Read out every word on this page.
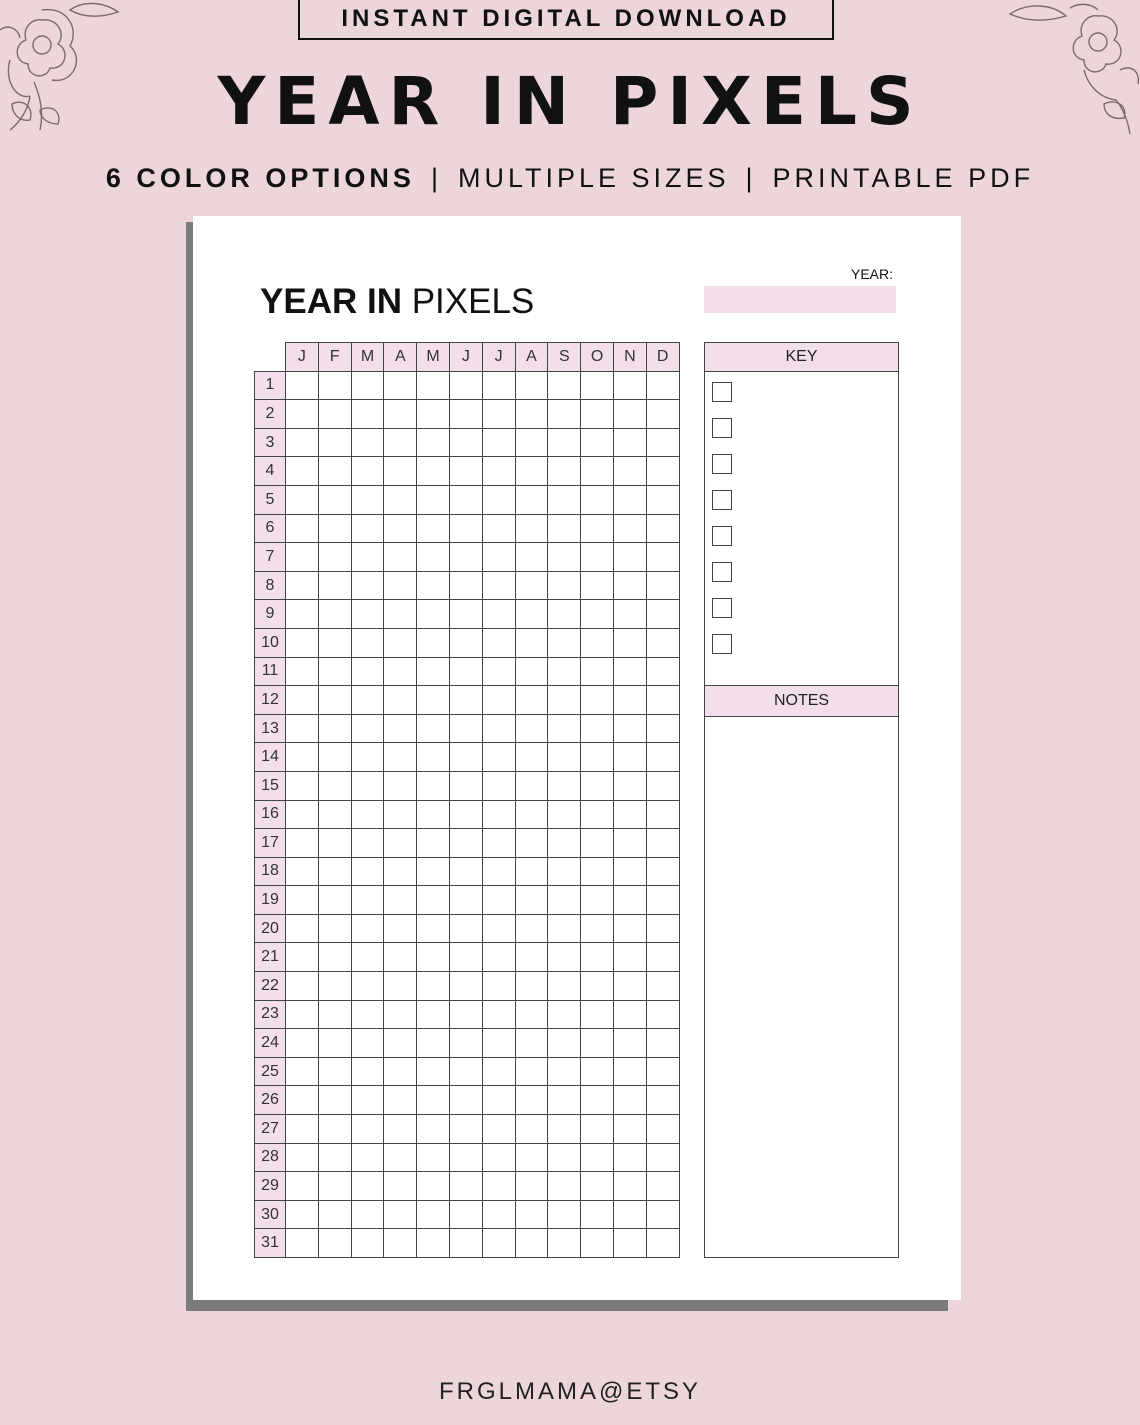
INSTANT DIGITAL DOWNLOAD
YEAR IN PIXELS
6 COLOR OPTIONS | MULTIPLE SIZES | PRINTABLE PDF
YEAR IN PIXELS
YEAR:
	J	F	M	A	M	J	J	A	S	O	N	D
1												
2												
3												
4												
5												
6												
7												
8												
9												
10												
11												
12												
13												
14												
15												
16												
17												
18												
19												
20												
21												
22												
23												
24												
25												
26												
27												
28												
29												
30												
31												
KEY
NOTES
FRGLMAMA@ETSY
